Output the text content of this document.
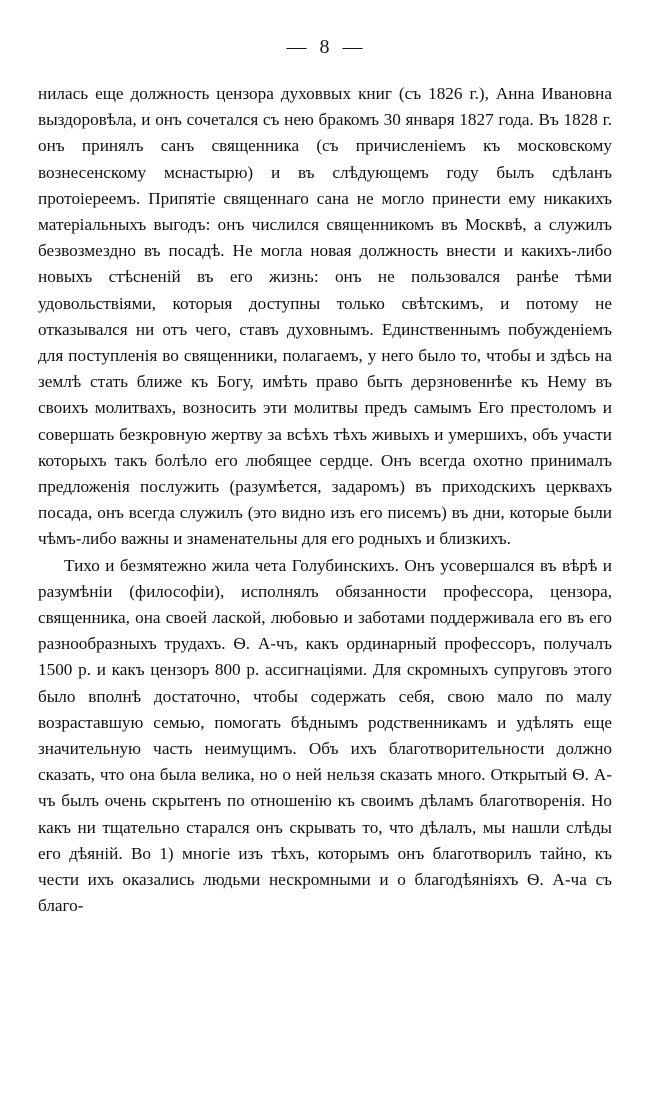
— 8 —

нилась еще должность цензора духоввых книг (съ 1826 г.), Анна Ивановна выздоровѣла, и онъ сочетался съ нею бракомъ 30 января 1827 года. Въ 1828 г. онъ принялъ санъ священника (съ причисленіемъ къ московскому вознесенскому мснастырю) и въ слѣдующемъ году былъ сдѣланъ протоіереемъ. Припятіе священнаго сана не могло принести ему никакихъ матеріальныхъ выгодъ: онъ числился священникомъ въ Москвѣ, а служилъ безвозмездно въ посадѣ. Не могла новая должность внести и какихъ-либо новыхъ стѣсненій въ его жизнь: онъ не пользовался ранѣе тѣми удовольствіями, которыя доступны только свѣтскимъ, и потому не отказывался ни отъ чего, ставъ духовнымъ. Единственнымъ побужденіемъ для поступленія во священники, полагаемъ, у него было то, чтобы и здѣсь на землѣ стать ближе къ Богу, имѣть право быть дерзновеннѣе къ Нему въ своихъ молитвахъ, возносить эти молитвы предъ самымъ Его престоломъ и совершать безкровную жертву за всѣхъ тѣхъ живыхъ и умершихъ, объ участи которыхъ такъ болѣло его любящее сердце. Онъ всегда охотно принималъ предложенія послужить (разумѣется, задаромъ) въ приходскихъ церквахъ посада, онъ всегда служилъ (это видно изъ его писемъ) въ дни, которые были чѣмъ-либо важны и знаменательны для его родныхъ и близкихъ.

Тихо и безмятежно жила чета Голубинскихъ. Онъ усовершался въ вѣрѣ и разумѣніи (философіи), исполнялъ обязанности профессора, цензора, священника, она своей лаской, любовью и заботами поддерживала его въ его разнообразныхъ трудахъ. Ѳ. А-чъ, какъ ординарный профессоръ, получалъ 1500 р. и какъ цензоръ 800 р. ассигнаціями. Для скромныхъ супруговъ этого было вполнѣ достаточно, чтобы содержать себя, свою мало по малу возраставшую семью, помогать бѣднымъ родственникамъ и удѣлять еще значительную часть неимущимъ. Объ ихъ благотворительности должно сказать, что она была велика, но о ней нельзя сказать много. Открытый Ѳ. А-чъ былъ очень скрытенъ по отношенію къ своимъ дѣламъ благотворенія. Но какъ ни тщательно старался онъ скрывать то, что дѣлалъ, мы нашли слѣды его дѣяній. Во 1) многіе изъ тѣхъ, которымъ онъ благотворилъ тайно, къ чести ихъ оказались людьми нескромными и о благодѣяніяхъ Ѳ. А-ча съ благо-
